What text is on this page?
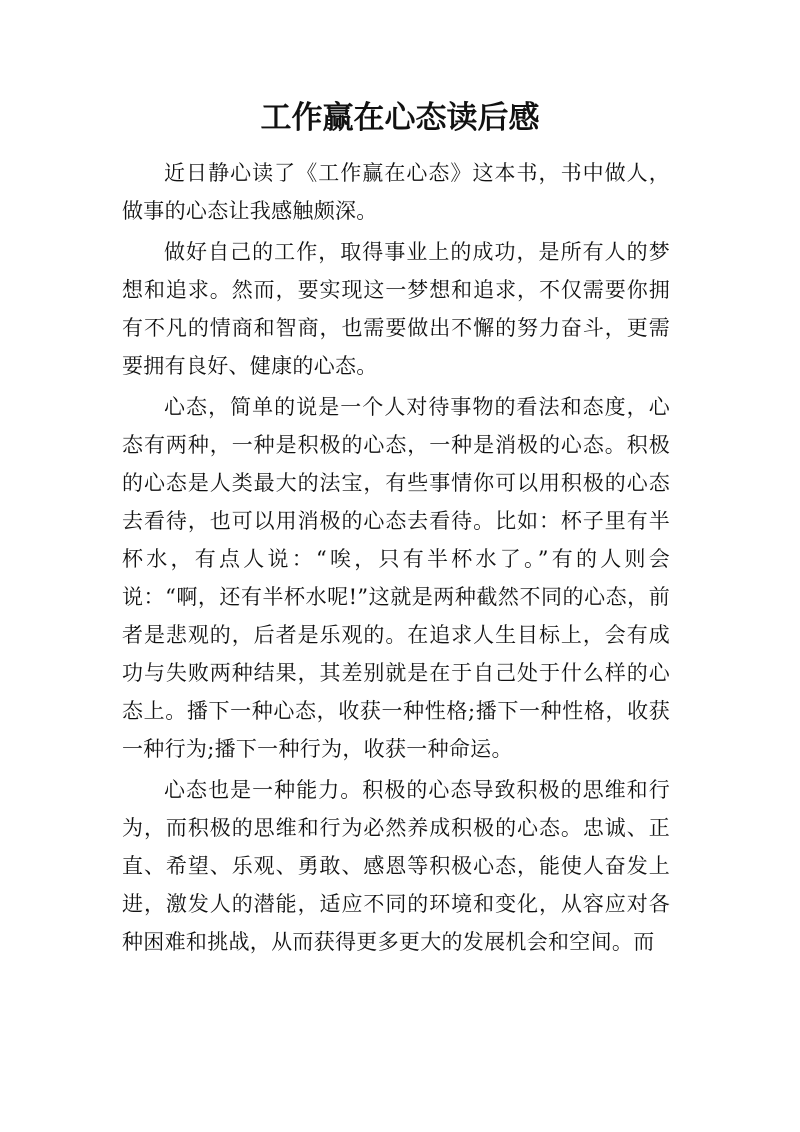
工作赢在心态读后感

近日静心读了《工作赢在心态》这本书，书中做人，做事的心态让我感触颇深。

做好自己的工作，取得事业上的成功，是所有人的梦想和追求。然而，要实现这一梦想和追求，不仅需要你拥有不凡的情商和智商，也需要做出不懈的努力奋斗，更需要拥有良好、健康的心态。

心态，简单的说是一个人对待事物的看法和态度，心态有两种，一种是积极的心态，一种是消极的心态。积极的心态是人类最大的法宝，有些事情你可以用积极的心态去看待，也可以用消极的心态去看待。比如：杯子里有半杯水，有点人说：“唉，只有半杯水了。”有的人则会说：“啊，还有半杯水呢!”这就是两种截然不同的心态，前者是悲观的，后者是乐观的。在追求人生目标上，会有成功与失败两种结果，其差别就是在于自己处于什么样的心态上。播下一种心态，收获一种性格;播下一种性格，收获一种行为;播下一种行为，收获一种命运。

心态也是一种能力。积极的心态导致积极的思维和行为，而积极的思维和行为必然养成积极的心态。忠诚、正直、希望、乐观、勇敢、感恩等积极心态，能使人奋发上进，激发人的潜能，适应不同的环境和变化，从容应对各种困难和挑战，从而获得更多更大的发展机会和空间。而
